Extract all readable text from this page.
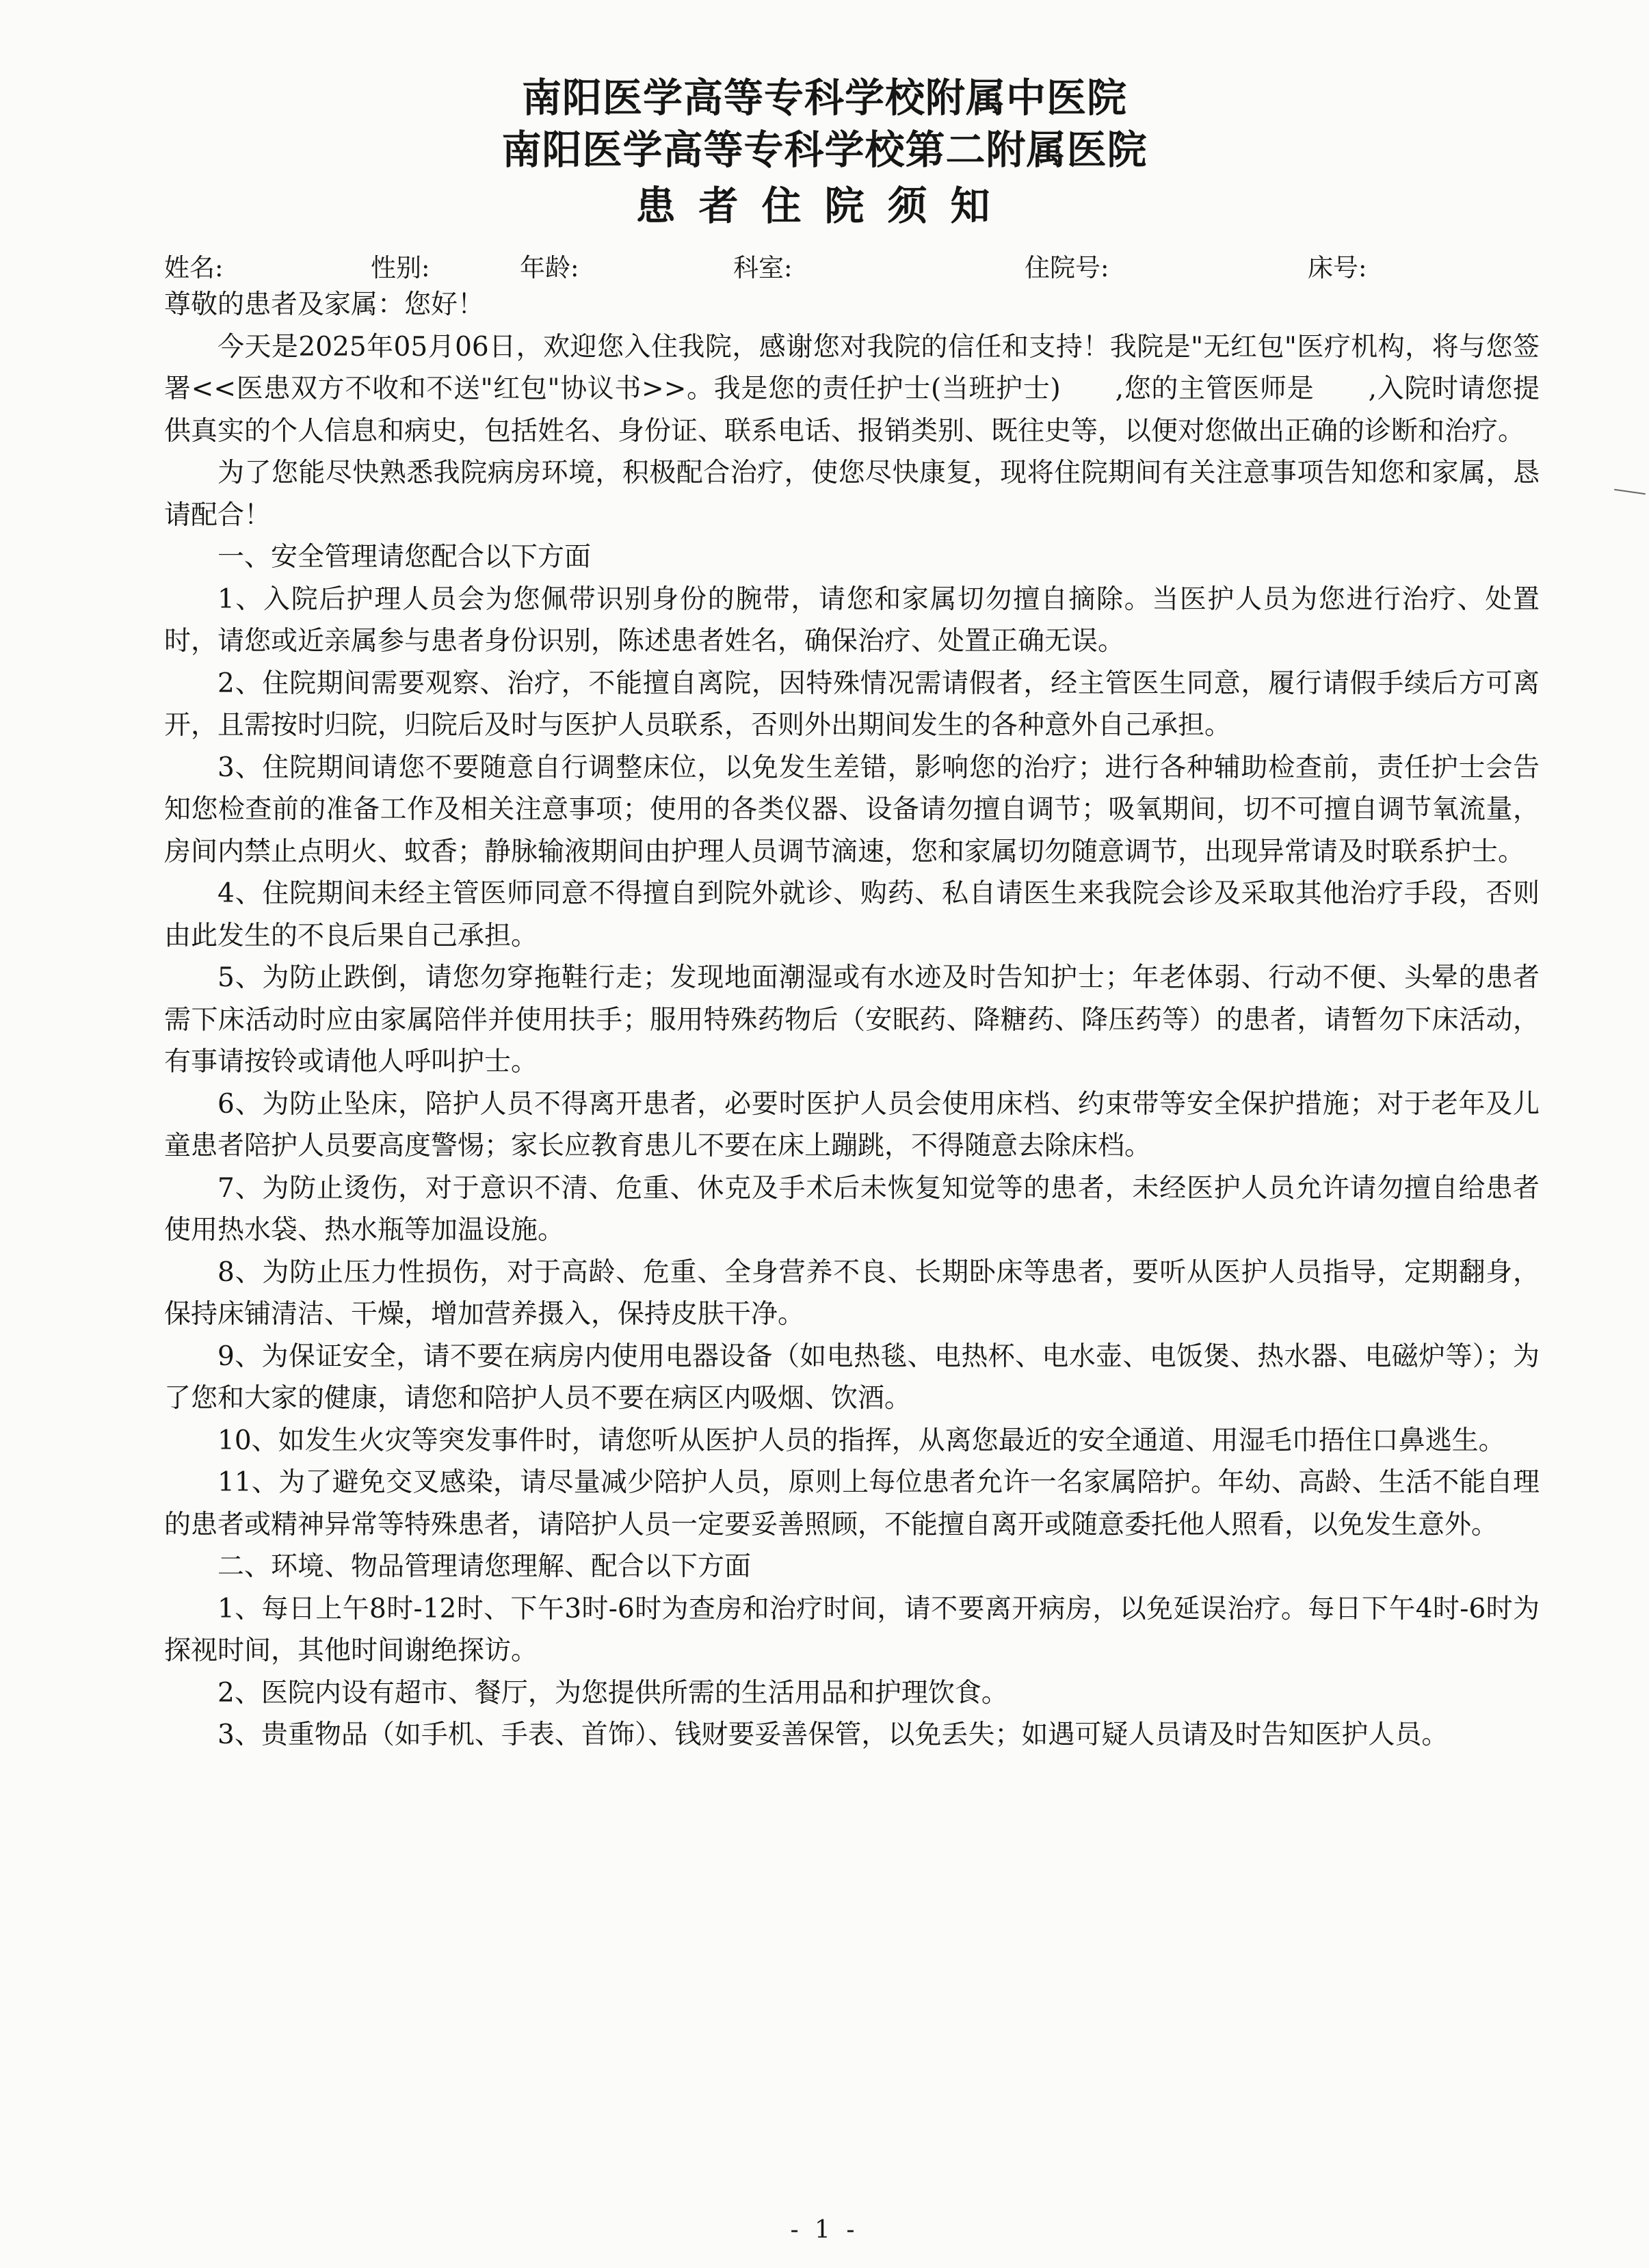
南阳医学高等专科学校附属中医院
南阳医学高等专科学校第二附属医院
患者住院须知
姓名:	性别:	年龄:	科室:	住院号:	床号:

尊敬的患者及家属：您好！

今天是2025年05月06日，欢迎您入住我院，感谢您对我院的信任和支持！我院是"无红包"医疗机构，将与您签署<<医患双方不收和不送"红包"协议书>>。我是您的责任护士(当班护士)　　,您的主管医师是　　,入院时请您提供真实的个人信息和病史，包括姓名、身份证、联系电话、报销类别、既往史等，以便对您做出正确的诊断和治疗。

为了您能尽快熟悉我院病房环境，积极配合治疗，使您尽快康复，现将住院期间有关注意事项告知您和家属，恳请配合！

一、安全管理请您配合以下方面

1、入院后护理人员会为您佩带识别身份的腕带，请您和家属切勿擅自摘除。当医护人员为您进行治疗、处置时，请您或近亲属参与患者身份识别，陈述患者姓名，确保治疗、处置正确无误。

2、住院期间需要观察、治疗，不能擅自离院，因特殊情况需请假者，经主管医生同意，履行请假手续后方可离开，且需按时归院，归院后及时与医护人员联系，否则外出期间发生的各种意外自己承担。

3、住院期间请您不要随意自行调整床位，以免发生差错，影响您的治疗；进行各种辅助检查前，责任护士会告知您检查前的准备工作及相关注意事项；使用的各类仪器、设备请勿擅自调节；吸氧期间，切不可擅自调节氧流量，房间内禁止点明火、蚊香；静脉输液期间由护理人员调节滴速，您和家属切勿随意调节，出现异常请及时联系护士。

4、住院期间未经主管医师同意不得擅自到院外就诊、购药、私自请医生来我院会诊及采取其他治疗手段，否则由此发生的不良后果自己承担。

5、为防止跌倒，请您勿穿拖鞋行走；发现地面潮湿或有水迹及时告知护士；年老体弱、行动不便、头晕的患者需下床活动时应由家属陪伴并使用扶手；服用特殊药物后（安眠药、降糖药、降压药等）的患者，请暂勿下床活动，有事请按铃或请他人呼叫护士。

6、为防止坠床，陪护人员不得离开患者，必要时医护人员会使用床档、约束带等安全保护措施；对于老年及儿童患者陪护人员要高度警惕；家长应教育患儿不要在床上蹦跳，不得随意去除床档。

7、为防止烫伤，对于意识不清、危重、休克及手术后未恢复知觉等的患者，未经医护人员允许请勿擅自给患者使用热水袋、热水瓶等加温设施。

8、为防止压力性损伤，对于高龄、危重、全身营养不良、长期卧床等患者，要听从医护人员指导，定期翻身，保持床铺清洁、干燥，增加营养摄入，保持皮肤干净。

9、为保证安全，请不要在病房内使用电器设备（如电热毯、电热杯、电水壶、电饭煲、热水器、电磁炉等）；为了您和大家的健康，请您和陪护人员不要在病区内吸烟、饮酒。

10、如发生火灾等突发事件时，请您听从医护人员的指挥，从离您最近的安全通道、用湿毛巾捂住口鼻逃生。

11、为了避免交叉感染，请尽量减少陪护人员，原则上每位患者允许一名家属陪护。年幼、高龄、生活不能自理的患者或精神异常等特殊患者，请陪护人员一定要妥善照顾，不能擅自离开或随意委托他人照看，以免发生意外。

二、环境、物品管理请您理解、配合以下方面

1、每日上午8时-12时、下午3时-6时为查房和治疗时间，请不要离开病房，以免延误治疗。每日下午4时-6时为探视时间，其他时间谢绝探访。

2、医院内设有超市、餐厅，为您提供所需的生活用品和护理饮食。

3、贵重物品（如手机、手表、首饰）、钱财要妥善保管，以免丢失；如遇可疑人员请及时告知医护人员。

- 1 -
